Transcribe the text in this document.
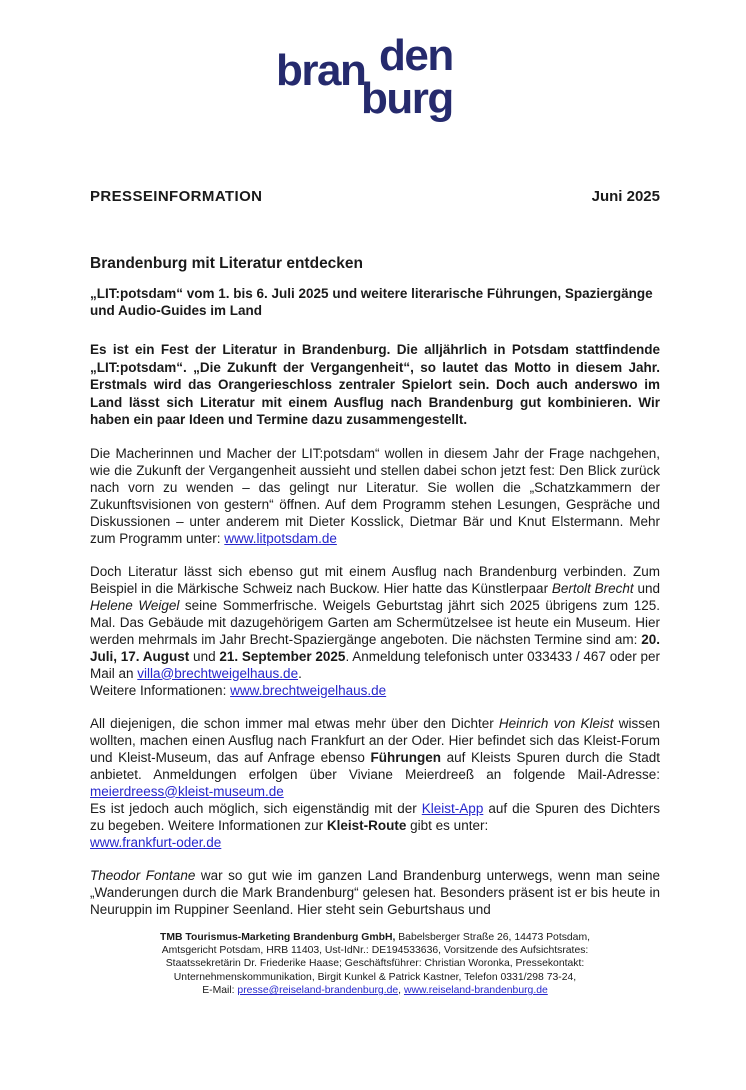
bran den
burg
PRESSEINFORMATION	Juni 2025
Brandenburg mit Literatur entdecken
„LIT:potsdam“ vom 1. bis 6. Juli 2025 und weitere literarische Führungen, Spaziergänge und Audio-Guides im Land

Es ist ein Fest der Literatur in Brandenburg. Die alljährlich in Potsdam stattfindende „LIT:potsdam“. „Die Zukunft der Vergangenheit“, so lautet das Motto in diesem Jahr. Erstmals wird das Orangerieschloss zentraler Spielort sein. Doch auch anderswo im Land lässt sich Literatur mit einem Ausflug nach Brandenburg gut kombinieren. Wir haben ein paar Ideen und Termine dazu zusammengestellt.

Die Macherinnen und Macher der LIT:potsdam“ wollen in diesem Jahr der Frage nachgehen, wie die Zukunft der Vergangenheit aussieht und stellen dabei schon jetzt fest: Den Blick zurück nach vorn zu wenden – das gelingt nur Literatur. Sie wollen die „Schatzkammern der Zukunftsvisionen von gestern“ öffnen. Auf dem Programm stehen Lesungen, Gespräche und Diskussionen – unter anderem mit Dieter Kosslick, Dietmar Bär und Knut Elstermann. Mehr zum Programm unter: www.litpotsdam.de

Doch Literatur lässt sich ebenso gut mit einem Ausflug nach Brandenburg verbinden. Zum Beispiel in die Märkische Schweiz nach Buckow. Hier hatte das Künstlerpaar Bertolt Brecht und Helene Weigel seine Sommerfrische. Weigels Geburtstag jährt sich 2025 übrigens zum 125. Mal. Das Gebäude mit dazugehörigem Garten am Schermützelsee ist heute ein Museum. Hier werden mehrmals im Jahr Brecht-Spaziergänge angeboten. Die nächsten Termine sind am: 20. Juli, 17. August und 21. September 2025. Anmeldung telefonisch unter 033433 / 467 oder per Mail an villa@brechtweigelhaus.de.
Weitere Informationen: www.brechtweigelhaus.de

All diejenigen, die schon immer mal etwas mehr über den Dichter Heinrich von Kleist wissen wollten, machen einen Ausflug nach Frankfurt an der Oder. Hier befindet sich das Kleist-Forum und Kleist-Museum, das auf Anfrage ebenso Führungen auf Kleists Spuren durch die Stadt anbietet. Anmeldungen erfolgen über Viviane Meierdreeß an folgende Mail-Adresse: meierdreess@kleist-museum.de
Es ist jedoch auch möglich, sich eigenständig mit der Kleist-App auf die Spuren des Dichters zu begeben. Weitere Informationen zur Kleist-Route gibt es unter:
www.frankfurt-oder.de

Theodor Fontane war so gut wie im ganzen Land Brandenburg unterwegs, wenn man seine „Wanderungen durch die Mark Brandenburg“ gelesen hat. Besonders präsent ist er bis heute in Neuruppin im Ruppiner Seenland. Hier steht sein Geburtshaus und

TMB Tourismus-Marketing Brandenburg GmbH, Babelsberger Straße 26, 14473 Potsdam,
Amtsgericht Potsdam, HRB 11403, Ust-IdNr.: DE194533636, Vorsitzende des Aufsichtsrates:
Staatssekretärin Dr. Friederike Haase; Geschäftsführer: Christian Woronka, Pressekontakt:
Unternehmenskommunikation, Birgit Kunkel & Patrick Kastner, Telefon 0331/298 73-24,
E-Mail: presse@reiseland-brandenburg.de, www.reiseland-brandenburg.de
